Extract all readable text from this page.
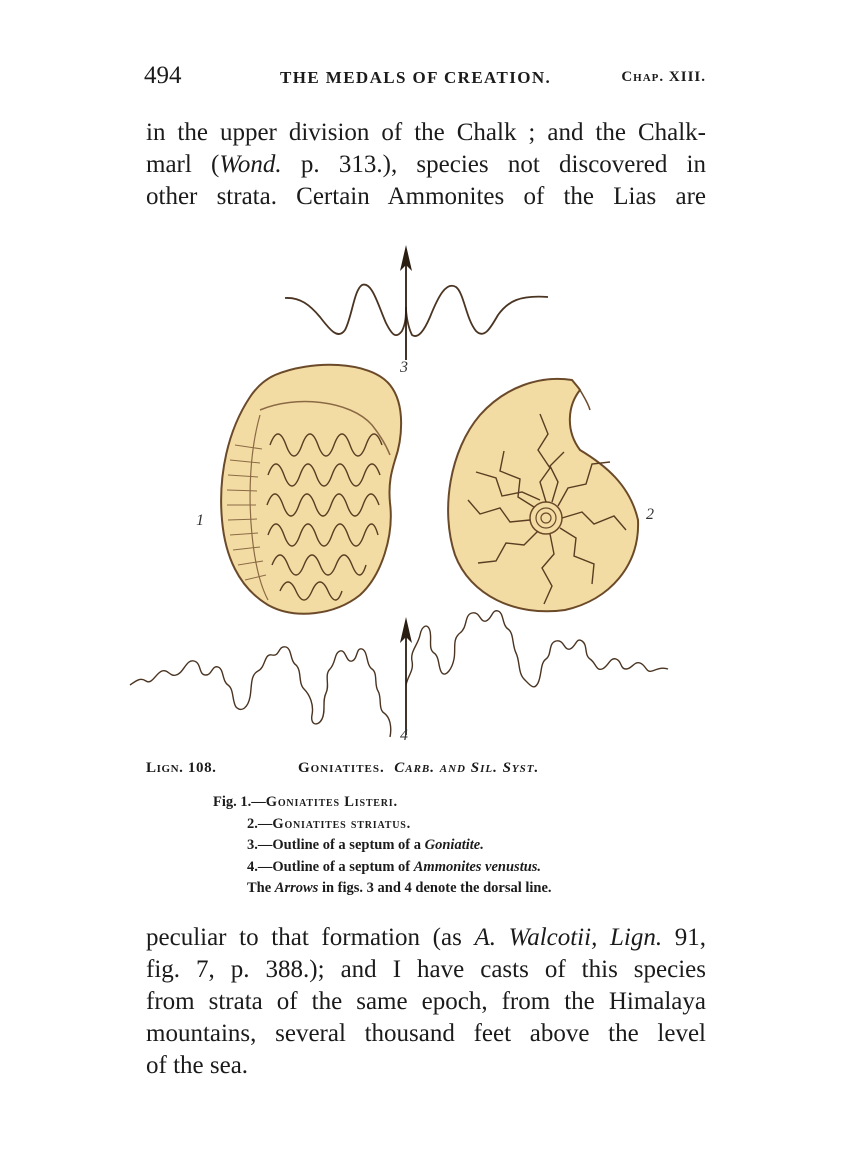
494	THE MEDALS OF CREATION.	Chap. XIII.
in the upper division of the Chalk ; and the Chalk-
marl (Wond. p. 313.), species not discovered in
other strata. Certain Ammonites of the Lias are
3
1	2
4
Lign. 108.	Goniatites. Carb. and Sil. Syst.
Fig. 1.—Goniatites Listeri.
2.—Goniatites striatus.
3.—Outline of a septum of a Goniatite.
4.—Outline of a septum of Ammonites venustus.
The Arrows in figs. 3 and 4 denote the dorsal line.
peculiar to that formation (as A. Walcotii, Lign. 91,
fig. 7, p. 388.); and I have casts of this species
from strata of the same epoch, from the Himalaya
mountains, several thousand feet above the level
of the sea.
